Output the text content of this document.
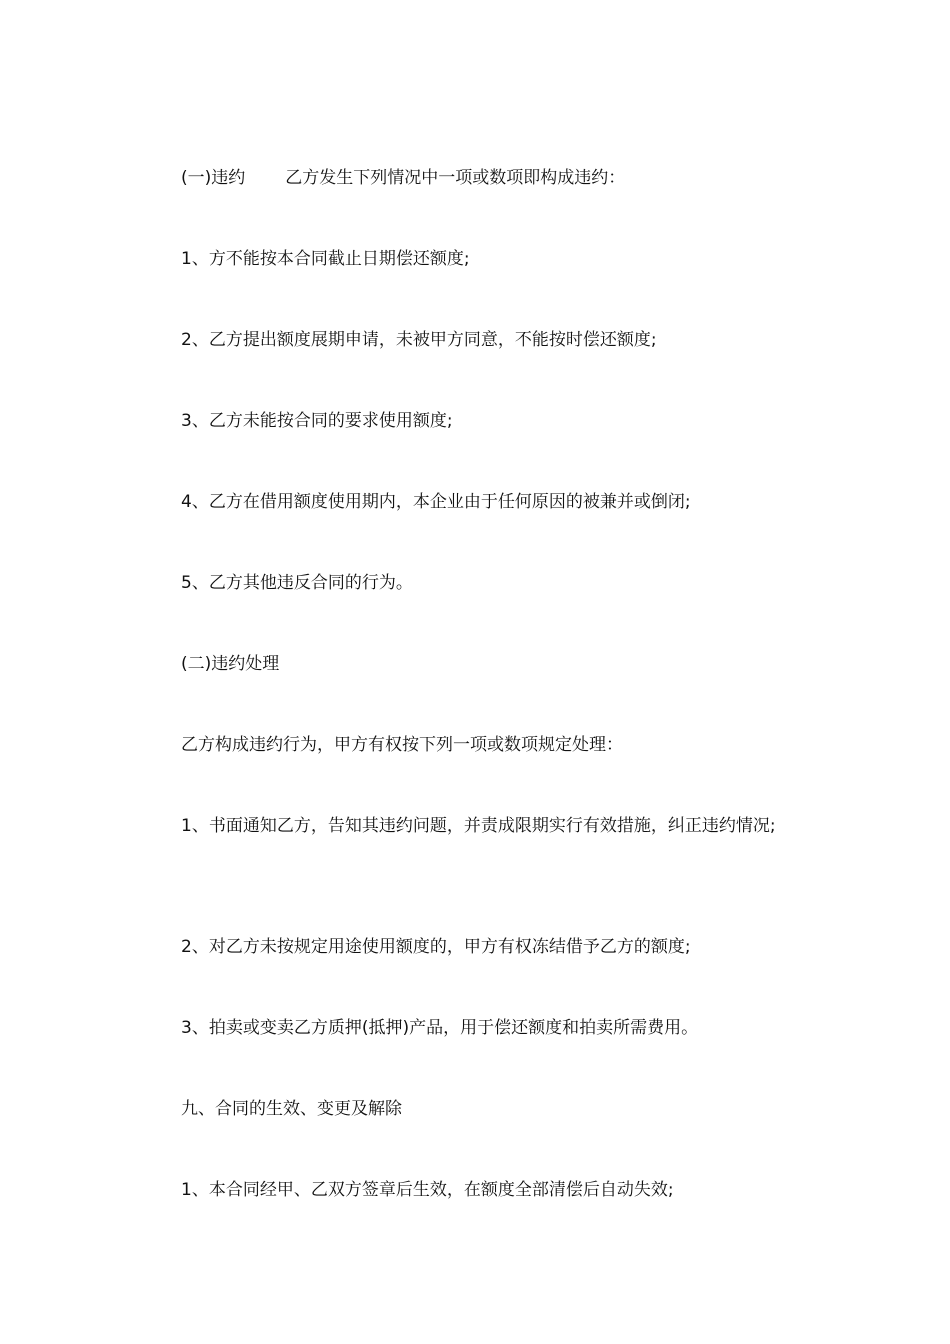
(一)违约 乙方发生下列情况中一项或数项即构成违约：

1、方不能按本合同截止日期偿还额度;

2、乙方提出额度展期申请，未被甲方同意，不能按时偿还额度;

3、乙方未能按合同的要求使用额度;

4、乙方在借用额度使用期内，本企业由于任何原因的被兼并或倒闭;

5、乙方其他违反合同的行为。

(二)违约处理

乙方构成违约行为，甲方有权按下列一项或数项规定处理：

1、书面通知乙方，告知其违约问题，并责成限期实行有效措施，纠正违约情况;

2、对乙方未按规定用途使用额度的，甲方有权冻结借予乙方的额度;

3、拍卖或变卖乙方质押(抵押)产品，用于偿还额度和拍卖所需费用。

九、合同的生效、变更及解除

1、本合同经甲、乙双方签章后生效，在额度全部清偿后自动失效;
